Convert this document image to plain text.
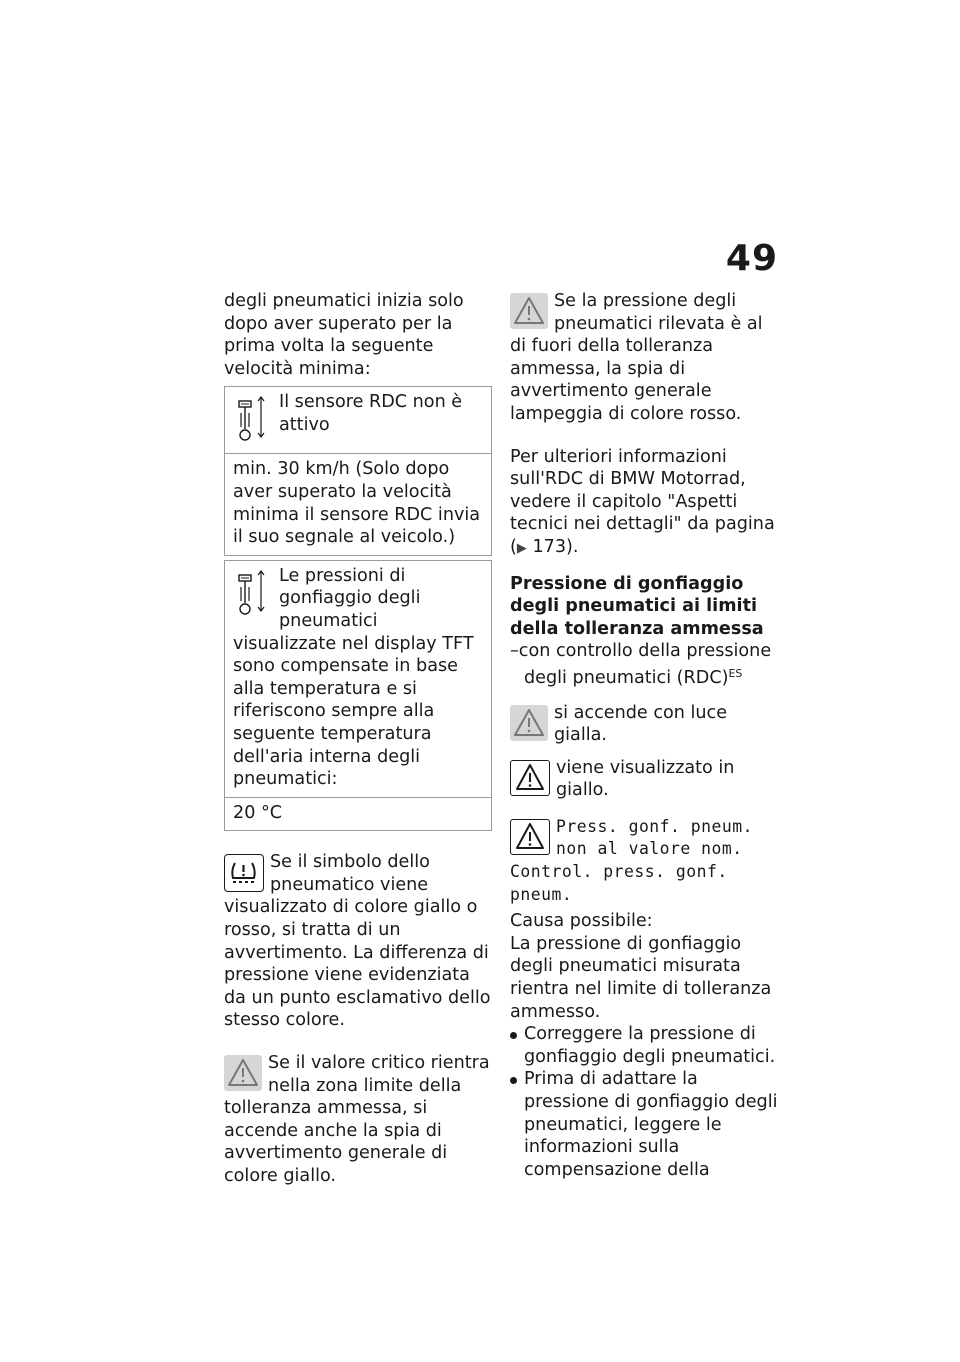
49

degli pneumatici inizia solo dopo aver superato per la prima volta la seguente velocità minima:

Il sensore RDC non è attivo
min. 30 km/h (Solo dopo aver superato la velocità minima il sensore RDC invia il suo segnale al veicolo.)
Le pressioni di gonfiaggio degli pneumatici visualizzate nel display TFT sono compensate in base alla temperatura e si riferiscono sempre alla seguente temperatura dell'aria interna degli pneumatici:
20 °C
Se il simbolo dello pneumatico viene visualizzato di colore giallo o rosso, si tratta di un avvertimento. La differenza di pressione viene evidenziata da un punto esclamativo dello stesso colore.
Se il valore critico rientra nella zona limite della tolleranza ammessa, si accende anche la spia di avvertimento generale di colore giallo.
Se la pressione degli pneumatici rilevata è al di fuori della tolleranza ammessa, la spia di avvertimento generale lampeggia di colore rosso.

Per ulteriori informazioni sull'RDC di BMW Motorrad, vedere il capitolo "Aspetti tecnici nei dettagli" da pagina (▶ 173).

Pressione di gonfiaggio degli pneumatici ai limiti della tolleranza ammessa

–con controllo della pressione degli pneumatici (RDC)$^{ES}$
si accende con luce gialla.
viene visualizzato in giallo.
Press. gonf. pneum.
non al valore nom.
Control. press. gonf.
pneum.

Causa possibile:

La pressione di gonfiaggio degli pneumatici misurata rientra nel limite di tolleranza ammesso.

Correggere la pressione di gonfiaggio degli pneumatici.
Prima di adattare la pressione di gonfiaggio degli pneumatici, leggere le informazioni sulla compensazione della
